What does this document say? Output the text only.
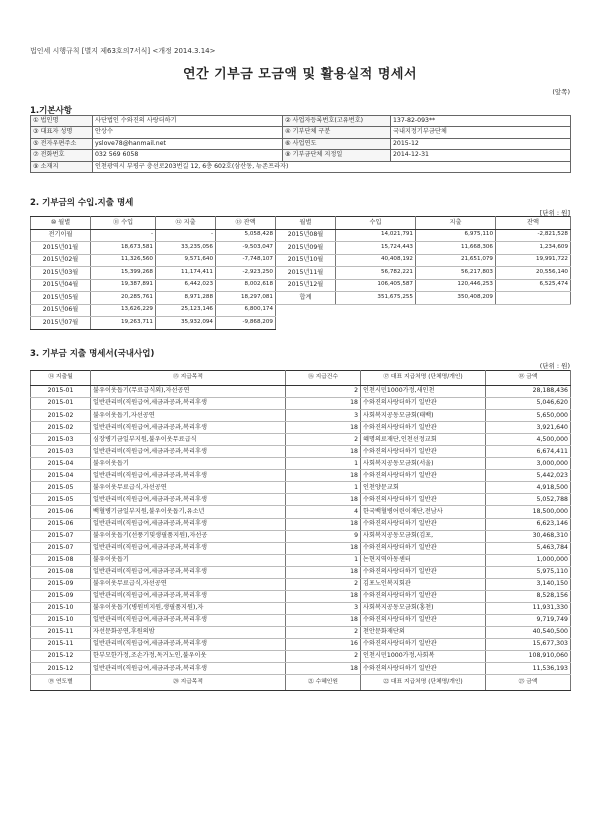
법인세 시행규칙 [별지 제63호의7서식] <개정 2014.3.14>
연간 기부금 모금액 및 활용실적 명세서
(앞쪽)
1.기본사항
① 법인명	사단법인 수와진의 사랑더하기	② 사업자등록번호(고유번호)	137-82-093**
③ 대표자 성명	안상수	④ 기부단체 구분	국내지정기부금단체
⑤ 전자우편주소	yslove78@hanmail.net	⑥ 사업연도	2015-12
⑦ 전화번호	032 569 6058	⑧ 기부금단체 지정일	2014-12-31
⑨ 소재지	인천광역시 부평구 충선로203번길 12, 6층 602호(삼산동, 뉴존프라자)		
2. 기부금의 수입.지출 명세
[단위 : 원]
⑩ 월별	⑪ 수입	⑫ 지출	⑬ 잔액	월별	수입	지출	잔액
전기이월	-	-	5,058,428	2015년08월	14,021,791	6,975,110	-2,821,528
2015년01월	18,673,581	33,235,056	-9,503,047	2015년09월	15,724,443	11,668,306	1,234,609
2015년02월	11,326,560	9,571,640	-7,748,107	2015년10월	40,408,192	21,651,079	19,991,722
2015년03월	15,399,268	11,174,411	-2,923,250	2015년11월	56,782,221	56,217,803	20,556,140
2015년04월	19,387,891	6,442,023	8,002,618	2015년12월	106,405,587	120,446,253	6,525,474
2015년05월	20,285,761	8,971,288	18,297,081	합계	351,675,255	350,408,209	
2015년06월	13,626,229	25,123,146	6,800,174				
2015년07월	19,263,711	35,932,094	-9,868,209				
3. 기부금 지출 명세서(국내사업)
(단위 : 원)
⑭ 지출월	⑮ 지급목적	⑯ 지급건수	⑰ 대표 지급처명 (단체명/개인)	⑱ 금액
2015-01	불우이웃돕기(무료급식외),자선공연	2	인천시민1000가정,새인천	28,188,436
2015-01	일반관리비(직원급여,세금과공과,복리후생	18	수와진의사랑더하기 일반관	5,046,620
2015-02	불우이웃돕기,자선공연	3	사회복지공동모금회(태백)	5,650,000
2015-02	일반관리비(직원급여,세금과공과,복리후생	18	수와진의사랑더하기 일반관	3,921,640
2015-03	심장병기금일부지원,불우이웃무료급식	2	혜명의료재단,인천선정교회	4,500,000
2015-03	일반관리비(직원급여,세금과공과,복리후생	18	수와진의사랑더하기 일반관	6,674,411
2015-04	불우이웃돕기	1	사회복지공동모금회(서울)	3,000,000
2015-04	일반관리비(직원급여,세금과공과,복리후생	18	수와진의사랑더하기 일반관	5,442,023
2015-05	불우이웃무료급식,자선공연	1	인천양문교회	4,918,500
2015-05	일반관리비(직원급여,세금과공과,복리후생	18	수와진의사랑더하기 일반관	5,052,788
2015-06	백혈병기금일부지원,불우이웃돕기,유소년	4	한국백혈병어린이재단,전남사	18,500,000
2015-06	일반관리비(직원급여,세금과공과,복리후생	18	수와진의사랑더하기 일반관	6,623,146
2015-07	불우이웃돕기(선풍기및생필품지원),자선공	9	사회복지공동모금회(김포,	30,468,310
2015-07	일반관리비(직원급여,세금과공과,복리후생	18	수와진의사랑더하기 일반관	5,463,784
2015-08	불우이웃돕기	1	논현지역아동센터	1,000,000
2015-08	일반관리비(직원급여,세금과공과,복리후생	18	수와진의사랑더하기 일반관	5,975,110
2015-09	불우이웃무료급식,자선공연	2	김포노인복지회관	3,140,150
2015-09	일반관리비(직원급여,세금과공과,복리후생	18	수와진의사랑더하기 일반관	8,528,156
2015-10	불우이웃돕기(병원비지원,생필품지원),자	3	사회복지공동모금회(홍천)	11,931,330
2015-10	일반관리비(직원급여,세금과공과,복리후생	18	수와진의사랑더하기 일반관	9,719,749
2015-11	자선문화공연,후원의밤	2	천안문화재단외	40,540,500
2015-11	일반관리비(직원급여,세금과공과,복리후생	16	수와진의사랑더하기 일반관	15,677,303
2015-12	한부모한가정,조손가정,독거노인,불우이웃	2	인천시민1000가정,사회복	108,910,060
2015-12	일반관리비(직원급여,세금과공과,복리후생	18	수와진의사랑더하기 일반관	11,536,193
⑲ 연도별	⑳ 지급목적	㉑ 수혜인원	㉒ 대표 지급처명 (단체명/개인)	㉓ 금액
